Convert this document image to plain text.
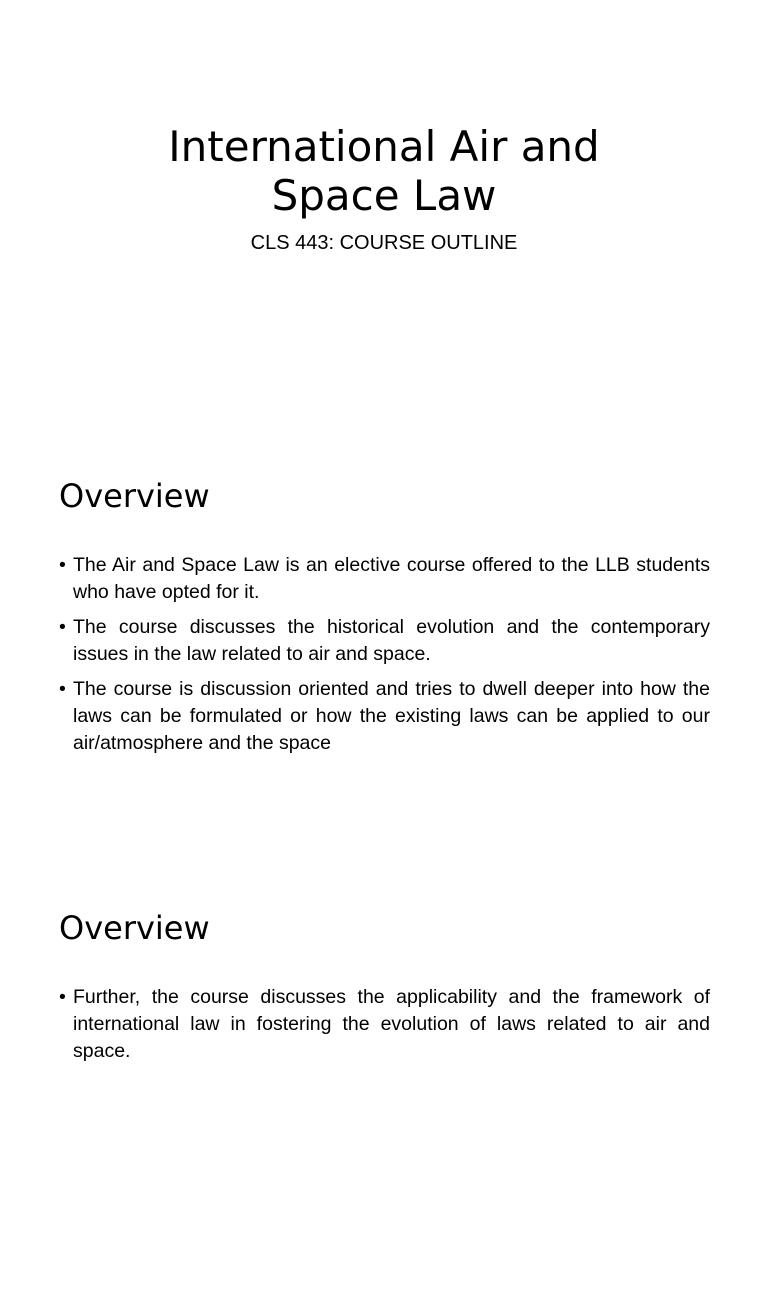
International Air and
Space Law

CLS 443: COURSE OUTLINE

Overview
• The Air and Space Law is an elective course offered to the LLB students who have opted for it.
• The course discusses the historical evolution and the contemporary issues in the law related to air and space.
• The course is discussion oriented and tries to dwell deeper into how the laws can be formulated or how the existing laws can be applied to our air/atmosphere and the space
Overview
• Further, the course discusses the applicability and the framework of international law in fostering the evolution of laws related to air and space.
